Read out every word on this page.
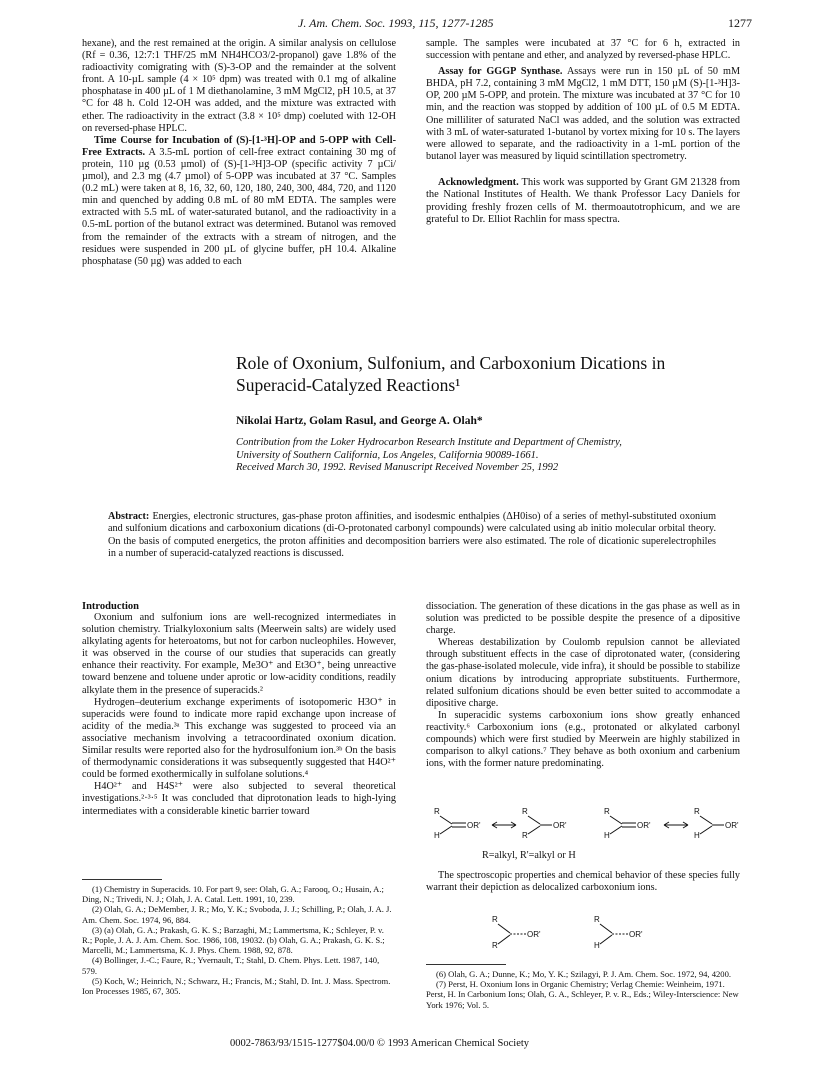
J. Am. Chem. Soc. 1993, 115, 1277-1285	1277

hexane), and the rest remained at the origin. A similar analysis on cellulose (Rf = 0.36, 12:7:1 THF/25 mM NH4HCO3/2-propanol) gave 1.8% of the radioactivity comigrating with (S)-3-OP and the remainder at the solvent front. A 10-µL sample (4 × 10⁵ dpm) was treated with 0.1 mg of alkaline phosphatase in 400 µL of 1 M diethanolamine, 3 mM MgCl2, pH 10.5, at 37 °C for 48 h. Cold 12-OH was added, and the mixture was extracted with ether. The radioactivity in the extract (3.8 × 10⁵ dmp) coeluted with 12-OH on reversed-phase HPLC.

Time Course for Incubation of (S)-[1-³H]-OP and 5-OPP with Cell-Free Extracts. A 3.5-mL portion of cell-free extract containing 30 mg of protein, 110 µg (0.53 µmol) of (S)-[1-³H]3-OP (specific activity 7 µCi/µmol), and 2.3 mg (4.7 µmol) of 5-OPP was incubated at 37 °C. Samples (0.2 mL) were taken at 8, 16, 32, 60, 120, 180, 240, 300, 484, 720, and 1120 min and quenched by adding 0.8 mL of 80 mM EDTA. The samples were extracted with 5.5 mL of water-saturated butanol, and the radioactivity in a 0.5-mL portion of the butanol extract was determined. Butanol was removed from the remainder of the extracts with a stream of nitrogen, and the residues were suspended in 200 µL of glycine buffer, pH 10.4. Alkaline phosphatase (50 µg) was added to each

sample. The samples were incubated at 37 °C for 6 h, extracted in succession with pentane and ether, and analyzed by reversed-phase HPLC.

Assay for GGGP Synthase. Assays were run in 150 µL of 50 mM BHDA, pH 7.2, containing 3 mM MgCl2, 1 mM DTT, 150 µM (S)-[1-³H]3-OP, 200 µM 5-OPP, and protein. The mixture was incubated at 37 °C for 10 min, and the reaction was stopped by addition of 100 µL of 0.5 M EDTA. One milliliter of saturated NaCl was added, and the solution was extracted with 3 mL of water-saturated 1-butanol by vortex mixing for 10 s. The layers were allowed to separate, and the radioactivity in a 1-mL portion of the butanol layer was measured by liquid scintillation spectrometry.

Acknowledgment. This work was supported by Grant GM 21328 from the National Institutes of Health. We thank Professor Lacy Daniels for providing freshly frozen cells of M. thermoautotrophicum, and we are grateful to Dr. Elliot Rachlin for mass spectra.

Role of Oxonium, Sulfonium, and Carboxonium Dications in
Superacid-Catalyzed Reactions¹
Nikolai Hartz, Golam Rasul, and George A. Olah*
Contribution from the Loker Hydrocarbon Research Institute and Department of Chemistry,
University of Southern California, Los Angeles, California 90089-1661.
Received March 30, 1992. Revised Manuscript Received November 25, 1992
Abstract: Energies, electronic structures, gas-phase proton affinities, and isodesmic enthalpies (ΔH0iso) of a series of methyl-substituted oxonium and sulfonium dications and carboxonium dications (di-O-protonated carbonyl compounds) were calculated using ab initio molecular orbital theory. On the basis of computed energetics, the proton affinities and decomposition barriers were also estimated. The role of dicationic superelectrophiles in a number of superacid-catalyzed reactions is discussed.
Introduction

Oxonium and sulfonium ions are well-recognized intermediates in solution chemistry. Trialkyloxonium salts (Meerwein salts) are widely used alkylating agents for heteroatoms, but not for carbon nucleophiles. However, it was observed in the course of our studies that superacids can greatly enhance their reactivity. For example, Me3O⁺ and Et3O⁺, being unreactive toward benzene and toluene under aprotic or low-acidity conditions, readily alkylate them in the presence of superacids.²

Hydrogen–deuterium exchange experiments of isotopomeric H3O⁺ in superacids were found to indicate more rapid exchange upon increase of acidity of the media.³ᵃ This exchange was suggested to proceed via an associative mechanism involving a tetracoordinated oxonium dication. Similar results were reported also for the hydrosulfonium ion.³ᵇ On the basis of thermodynamic considerations it was subsequently suggested that H4O²⁺ could be formed exothermically in sulfolane solutions.⁴

H4O²⁺ and H4S²⁺ were also subjected to several theoretical investigations.²·³·⁵ It was concluded that diprotonation leads to high-lying intermediates with a considerable kinetic barrier toward

dissociation. The generation of these dications in the gas phase as well as in solution was predicted to be possible despite the presence of a dipositive charge.

Whereas destabilization by Coulomb repulsion cannot be alleviated through substituent effects in the case of diprotonated water, (considering the gas-phase-isolated molecule, vide infra), it should be possible to stabilize onium dications by introducing appropriate substituents. Furthermore, related sulfonium dications should be even better suited to accommodate a dipositive charge.

In superacidic systems carboxonium ions show greatly enhanced reactivity.⁶ Carboxonium ions (e.g., protonated or alkylated carbonyl compounds) which were first studied by Meerwein are highly stabilized in comparison to alkyl cations.⁷ They behave as both oxonium and carbenium ions, with the former nature predominating.

R
H
OR'
R
R
OR'
R
H
OR'
R
H
OR'
R=alkyl, R'=alkyl or H

The spectroscopic properties and chemical behavior of these species fully warrant their depiction as delocalized carboxonium ions.

R
R
OR'
R
H
OR'

(1) Chemistry in Superacids. 10. For part 9, see: Olah, G. A.; Farooq, O.; Husain, A.; Ding, N.; Trivedi, N. J.; Olah, J. A. Catal. Lett. 1991, 10, 239.

(2) Olah, G. A.; DeMember, J. R.; Mo, Y. K.; Svoboda, J. J.; Schilling, P.; Olah, J. A. J. Am. Chem. Soc. 1974, 96, 884.

(3) (a) Olah, G. A.; Prakash, G. K. S.; Barzaghi, M.; Lammertsma, K.; Schleyer, P. v. R.; Pople, J. A. J. Am. Chem. Soc. 1986, 108, 19032. (b) Olah, G. A.; Prakash, G. K. S.; Marcelli, M.; Lammertsma, K. J. Phys. Chem. 1988, 92, 878.

(4) Bollinger, J.-C.; Faure, R.; Yvernault, T.; Stahl, D. Chem. Phys. Lett. 1987, 140, 579.

(5) Koch, W.; Heinrich, N.; Schwarz, H.; Francis, M.; Stahl, D. Int. J. Mass. Spectrom. Ion Processes 1985, 67, 305.

(6) Olah, G. A.; Dunne, K.; Mo, Y. K.; Szilagyi, P. J. Am. Chem. Soc. 1972, 94, 4200.

(7) Perst, H. Oxonium Ions in Organic Chemistry; Verlag Chemie: Weinheim, 1971. Perst, H. In Carbonium Ions; Olah, G. A., Schleyer, P. v. R., Eds.; Wiley-Interscience: New York 1976; Vol. 5.

0002-7863/93/1515-1277$04.00/0 © 1993 American Chemical Society
